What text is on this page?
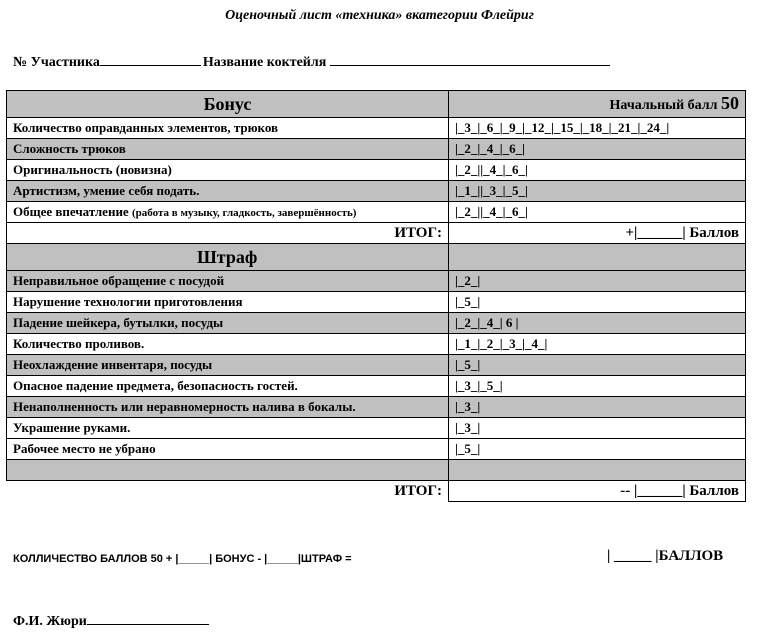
Оценочный лист «техника» вкатегории Флейриг
№ Участника	Название коктейля
Бонус	Начальный балл 50

Количество оправданных элементов, трюков	|_3_|_6_|_9_|_12_|_15_|_18_|_21_|_24_|
Сложность трюков	|_2_|_4_|_6_|
Оригинальность (новизна)	|_2_||_4_|_6_|
Артистизм, умение себя подать.	|_1_||_3_|_5_|
Общее впечатление (работа в музыку, гладкость, завершённость)	|_2_||_4_|_6_|
ИТОГ:	+|______| Баллов

Штраф	

Неправильное обращение с посудой	|_2_|
Нарушение технологии приготовления	|_5_|
Падение шейкера, бутылки, посуды	|_2_|_4_| 6 |
Количество проливов.	|_1_|_2_|_3_|_4_|
Неохлаждение инвентаря, посуды	|_5_|
Опасное падение предмета, безопасность гостей.	|_3_|_5_|
Ненаполненность или неравномерность налива в бокалы.	|_3_|
Украшение руками.	|_3_|
Рабочее место не убрано	|_5_|

ИТОГ:	-- |______| Баллов
КОЛЛИЧЕСТВО БАЛЛОВ 50 + |_____| БОНУС - |_____|ШТРАФ =	| _____ |БАЛЛОВ
Ф.И. Жюри
